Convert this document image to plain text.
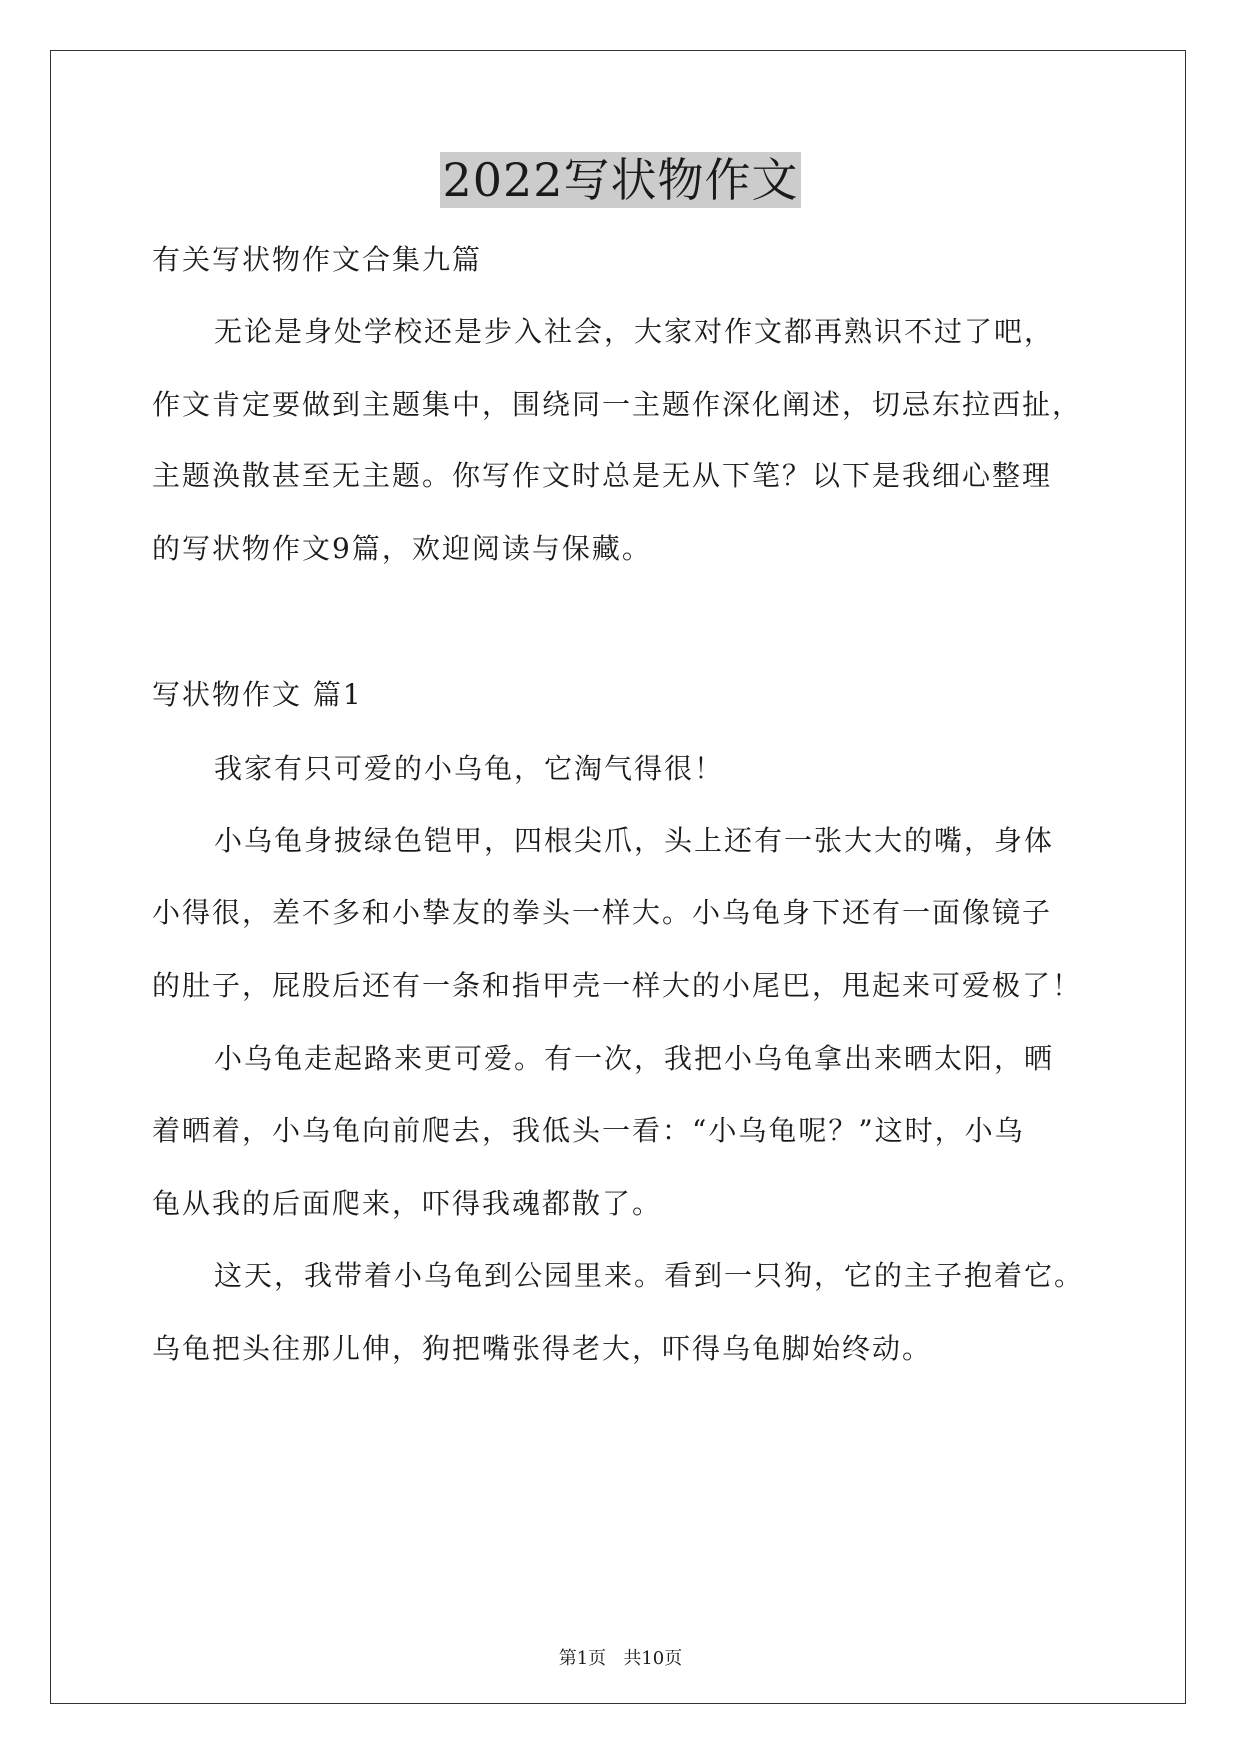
2022写状物作文
有关写状物作文合集九篇
无论是身处学校还是步入社会，大家对作文都再熟识不过了吧，
作文肯定要做到主题集中，围绕同一主题作深化阐述，切忌东拉西扯，
主题涣散甚至无主题。你写作文时总是无从下笔？以下是我细心整理
的写状物作文9篇，欢迎阅读与保藏。
写状物作文 篇1
我家有只可爱的小乌龟，它淘气得很！
小乌龟身披绿色铠甲，四根尖爪，头上还有一张大大的嘴，身体
小得很，差不多和小挚友的拳头一样大。小乌龟身下还有一面像镜子
的肚子，屁股后还有一条和指甲壳一样大的小尾巴，甩起来可爱极了！
小乌龟走起路来更可爱。有一次，我把小乌龟拿出来晒太阳，晒
着晒着，小乌龟向前爬去，我低头一看：“小乌龟呢？”这时，小乌
龟从我的后面爬来，吓得我魂都散了。
这天，我带着小乌龟到公园里来。看到一只狗，它的主子抱着它。
乌龟把头往那儿伸，狗把嘴张得老大，吓得乌龟脚始终动。
第1页   共10页
